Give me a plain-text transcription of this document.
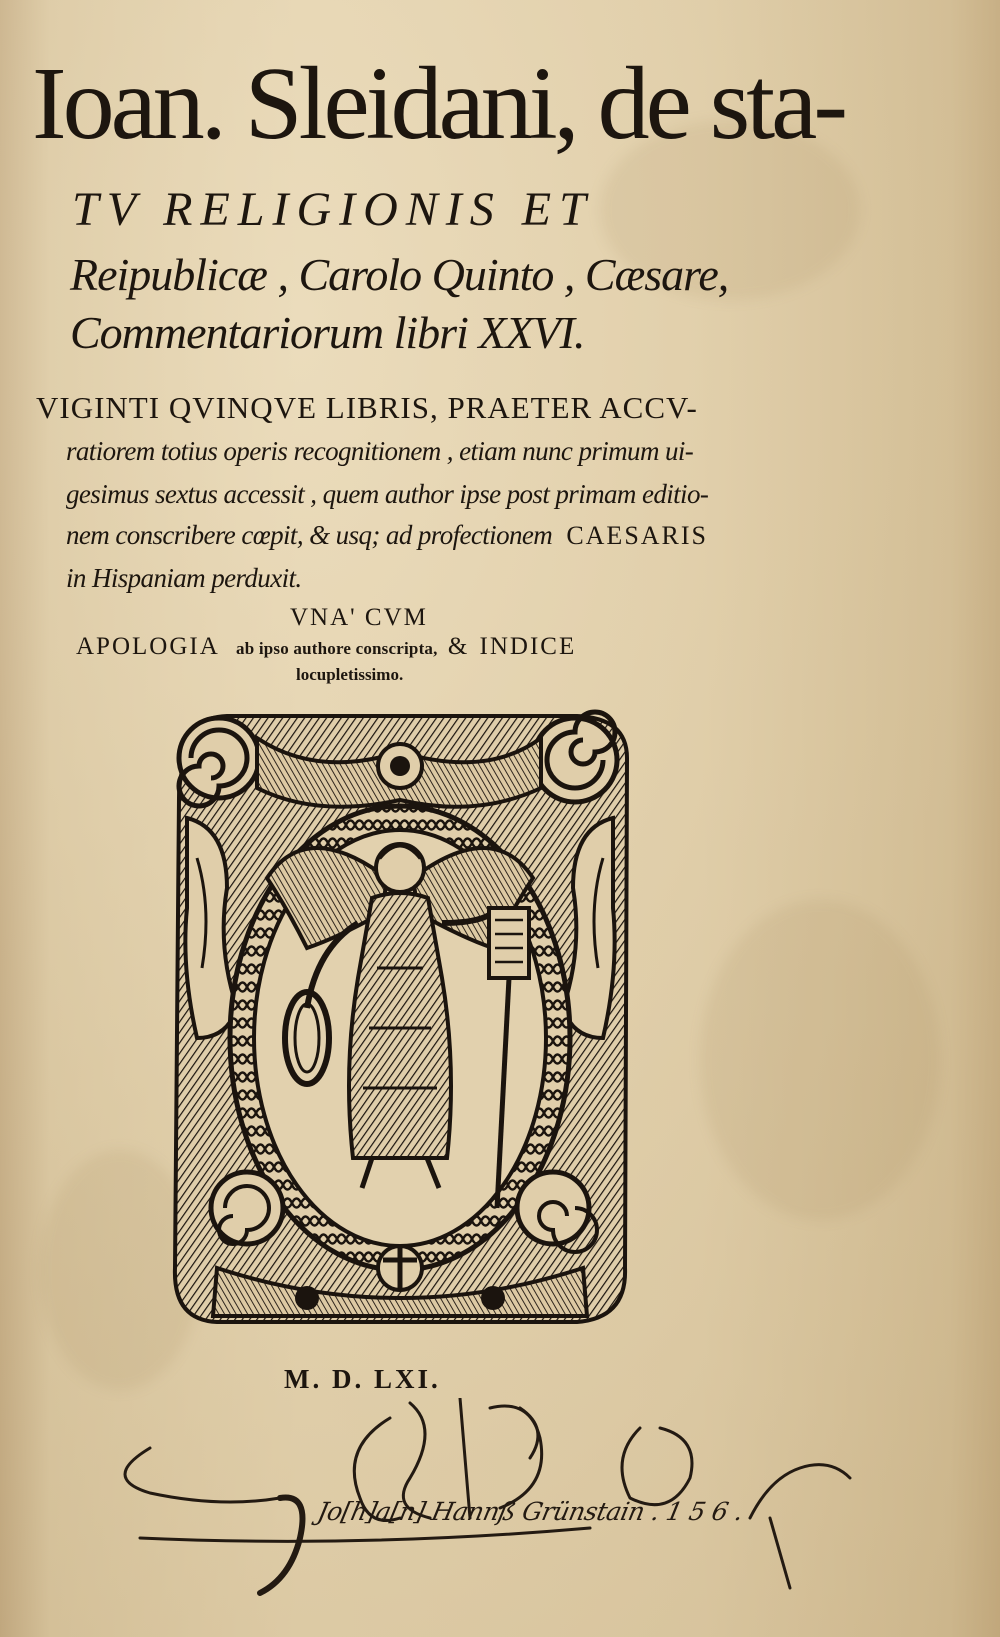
Ioan. Sleidani, de sta-
TV RELIGIONIS ET
Reipublicæ , Carolo Quinto , Cæsare,
Commentariorum libri XXVI.
VIGINTI QVINQVE LIBRIS, PRAETER ACCV-
ratiorem totius operis recognitionem , etiam nunc primum ui-
gesimus sextus accessit , quem author ipse post primam editio-
nem conscribere cœpit, & usq; ad profectionem CAESARIS
in Hispaniam perduxit.
VNA' CVM
APOLOGIA ab ipso authore conscripta, & INDICE
locupletissimo.
M. D. LXI.
Jo[h]a[n] Hannß Grünstain . 1 5 6 .
